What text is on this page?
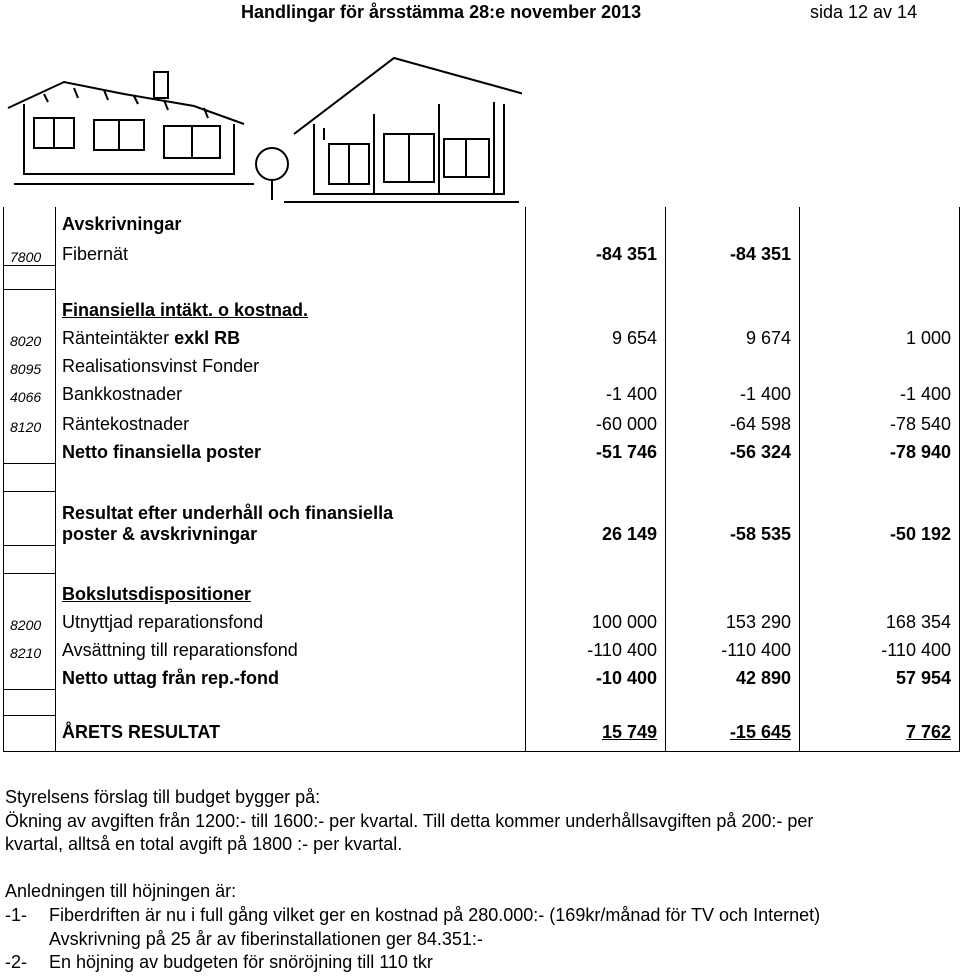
Handlingar för årsstämma 28:e november 2013	sida 12 av 14
	Avskrivningar			
7800	Fibernät	-84 351	-84 351	

	Finansiella intäkt. o kostnad.			
8020	Ränteintäkter exkl RB	9 654	9 674	1 000
8095	Realisationsvinst Fonder			
4066	Bankkostnader	-1 400	-1 400	-1 400
8120	Räntekostnader	-60 000	-64 598	-78 540
	Netto finansiella poster	-51 746	-56 324	-78 940

	Resultat efter underhåll och finansiella
poster & avskrivningar	26 149	-58 535	-50 192

	Bokslutsdispositioner			
8200	Utnyttjad reparationsfond	100 000	153 290	168 354
8210	Avsättning till reparationsfond	-110 400	-110 400	-110 400
	Netto uttag från rep.-fond	-10 400	42 890	57 954

	ÅRETS RESULTAT	15 749	-15 645	7 762
Styrelsens förslag till budget bygger på:
Ökning av avgiften från 1200:- till 1600:- per kvartal. Till detta kommer underhållsavgiften på 200:- per
kvartal, alltså en total avgift på 1800 :- per kvartal.
Anledningen till höjningen är:
-1- Fiberdriften är nu i full gång vilket ger en kostnad på 280.000:- (169kr/månad för TV och Internet)
Avskrivning på 25 år av fiberinstallationen ger 84.351:-
-2- En höjning av budgeten för snöröjning till 110 tkr
